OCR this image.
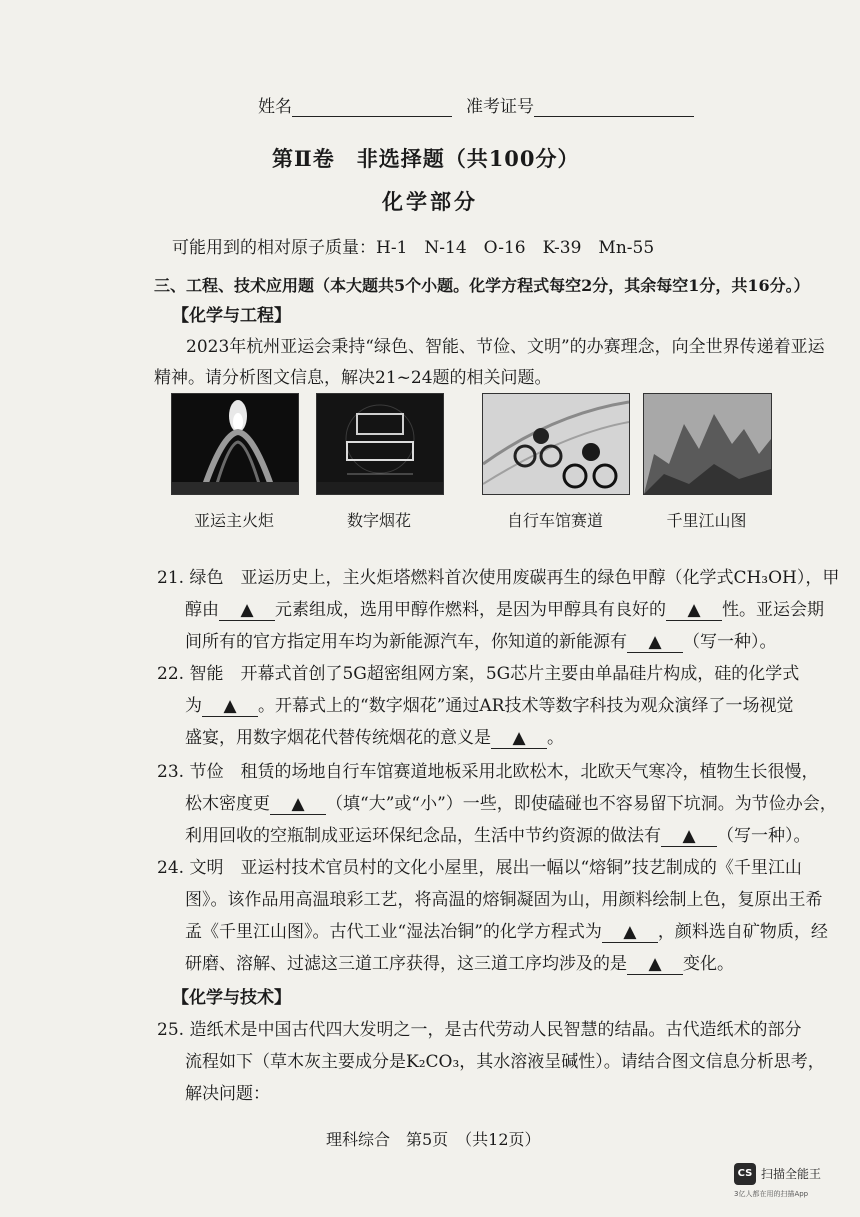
姓名	准考证号
第Ⅱ卷　非选择题（共100分）
化学部分
可能用到的相对原子质量：H-1　N-14　O-16　K-39　Mn-55
三、工程、技术应用题（本大题共5个小题。化学方程式每空2分，其余每空1分，共16分。）
【化学与工程】
2023年杭州亚运会秉持“绿色、智能、节俭、文明”的办赛理念，向全世界传递着亚运
精神。请分析图文信息，解决21~24题的相关问题。
亚运主火炬	数字烟花	自行车馆赛道	千里江山图
21. 绿色　亚运历史上，主火炬塔燃料首次使用废碳再生的绿色甲醇（化学式CH₃OH），甲
醇由 ▲ 元素组成，选用甲醇作燃料，是因为甲醇具有良好的 ▲ 性。亚运会期
间所有的官方指定用车均为新能源汽车，你知道的新能源有 ▲ （写一种）。
22. 智能　开幕式首创了5G超密组网方案，5G芯片主要由单晶硅片构成，硅的化学式
为 ▲ 。开幕式上的“数字烟花”通过AR技术等数字科技为观众演绎了一场视觉
盛宴，用数字烟花代替传统烟花的意义是 ▲ 。
23. 节俭　租赁的场地自行车馆赛道地板采用北欧松木，北欧天气寒冷，植物生长很慢，
松木密度更 ▲ （填“大”或“小”）一些，即使磕碰也不容易留下坑洞。为节俭办会，
利用回收的空瓶制成亚运环保纪念品，生活中节约资源的做法有 ▲ （写一种）。
24. 文明　亚运村技术官员村的文化小屋里，展出一幅以“熔铜”技艺制成的《千里江山
图》。该作品用高温琅彩工艺，将高温的熔铜凝固为山，用颜料绘制上色，复原出王希
孟《千里江山图》。古代工业“湿法冶铜”的化学方程式为 ▲ ，颜料选自矿物质，经
研磨、溶解、过滤这三道工序获得，这三道工序均涉及的是 ▲ 变化。
【化学与技术】
25. 造纸术是中国古代四大发明之一，是古代劳动人民智慧的结晶。古代造纸术的部分
流程如下（草木灰主要成分是K₂CO₃，其水溶液呈碱性）。请结合图文信息分析思考，
解决问题：
理科综合　第5页　（共12页）
CS 扫描全能王
3亿人都在用的扫描App
